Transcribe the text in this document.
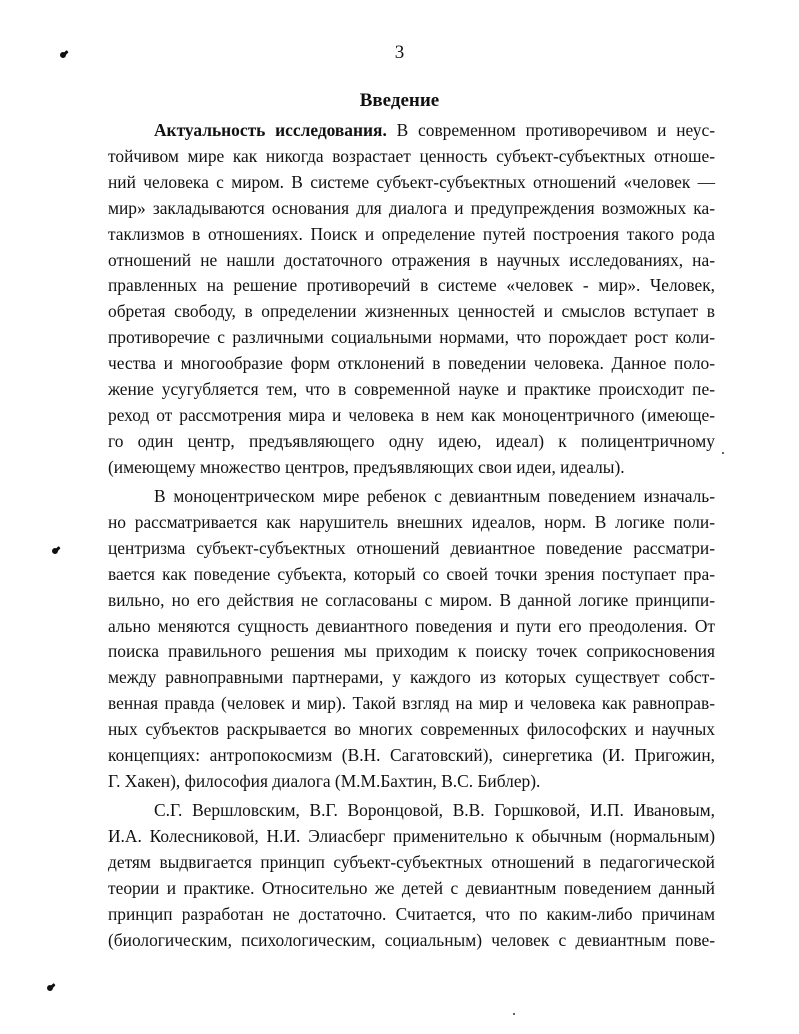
3
Введение
Актуальность исследования. В современном противоречивом и неус-
тойчивом мире как никогда возрастает ценность субъект-субъектных отноше-
ний человека с миром. В системе субъект-субъектных отношений «человек —
мир» закладываются основания для диалога и предупреждения возможных ка-
таклизмов в отношениях. Поиск и определение путей построения такого рода
отношений не нашли достаточного отражения в научных исследованиях, на-
правленных на решение противоречий в системе «человек - мир». Человек,
обретая свободу, в определении жизненных ценностей и смыслов вступает в
противоречие с различными социальными нормами, что порождает рост коли-
чества и многообразие форм отклонений в поведении человека. Данное поло-
жение усугубляется тем, что в современной науке и практике происходит пе-
реход от рассмотрения мира и человека в нем как моноцентричного (имеюще-
го один центр, предъявляющего одну идею, идеал) к полицентричному
(имеющему множество центров, предъявляющих свои идеи, идеалы).
В моноцентрическом мире ребенок с девиантным поведением изначаль-
но рассматривается как нарушитель внешних идеалов, норм. В логике поли-
центризма субъект-субъектных отношений девиантное поведение рассматри-
вается как поведение субъекта, который со своей точки зрения поступает пра-
вильно, но его действия не согласованы с миром. В данной логике принципи-
ально меняются сущность девиантного поведения и пути его преодоления. От
поиска правильного решения мы приходим к поиску точек соприкосновения
между равноправными партнерами, у каждого из которых существует собст-
венная правда (человек и мир). Такой взгляд на мир и человека как равноправ-
ных субъектов раскрывается во многих современных философских и научных
концепциях: антропокосмизм (В.Н. Сагатовский), синергетика (И. Пригожин,
Г. Хакен), философия диалога (М.М.Бахтин, В.С. Библер).
С.Г. Вершловским, В.Г. Воронцовой, В.В. Горшковой, И.П. Ивановым,
И.А. Колесниковой, Н.И. Элиасберг применительно к обычным (нормальным)
детям выдвигается принцип субъект-субъектных отношений в педагогической
теории и практике. Относительно же детей с девиантным поведением данный
принцип разработан не достаточно. Считается, что по каким-либо причинам
(биологическим, психологическим, социальным) человек с девиантным пове-
